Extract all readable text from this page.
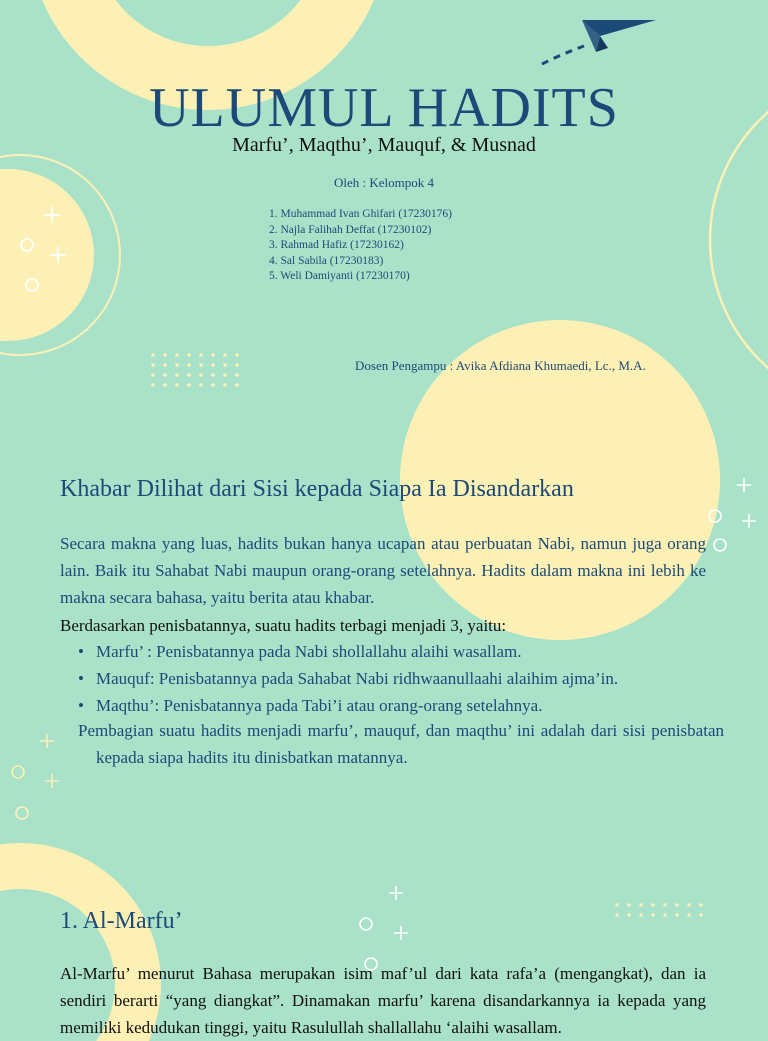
ULUMUL HADITS
Marfu’, Maqthu’, Mauquf, & Musnad
Oleh : Kelompok 4
1. Muhammad Ivan Ghifari (17230176)
2. Najla Falihah Deffat (17230102)
3. Rahmad Hafiz (17230162)
4. Sal Sabila (17230183)
5. Weli Damiyanti (17230170)
Dosen Pengampu : Avika Afdiana Khumaedi, Lc., M.A.
Khabar Dilihat dari Sisi kepada Siapa Ia Disandarkan

Secara makna yang luas, hadits bukan hanya ucapan atau perbuatan Nabi, namun juga orang lain. Baik itu Sahabat Nabi maupun orang-orang setelahnya. Hadits dalam makna ini lebih ke makna secara bahasa, yaitu berita atau khabar.

Berdasarkan penisbatannya, suatu hadits terbagi menjadi 3, yaitu:
• Marfu’ : Penisbatannya pada Nabi shollallahu alaihi wasallam.
• Mauquf: Penisbatannya pada Sahabat Nabi ridhwaanullaahi alaihim ajma’in.
• Maqthu’: Penisbatannya pada Tabi’i atau orang-orang setelahnya.

Pembagian suatu hadits menjadi marfu’, mauquf, dan maqthu’ ini adalah dari sisi penisbatan kepada siapa hadits itu dinisbatkan matannya.

1. Al-Marfu’

Al-Marfu’ menurut Bahasa merupakan isim maf’ul dari kata rafa’a (mengangkat), dan ia sendiri berarti “yang diangkat”. Dinamakan marfu’ karena disandarkannya ia kepada yang memiliki kedudukan tinggi, yaitu Rasulullah shallallahu ‘alaihi wasallam.
